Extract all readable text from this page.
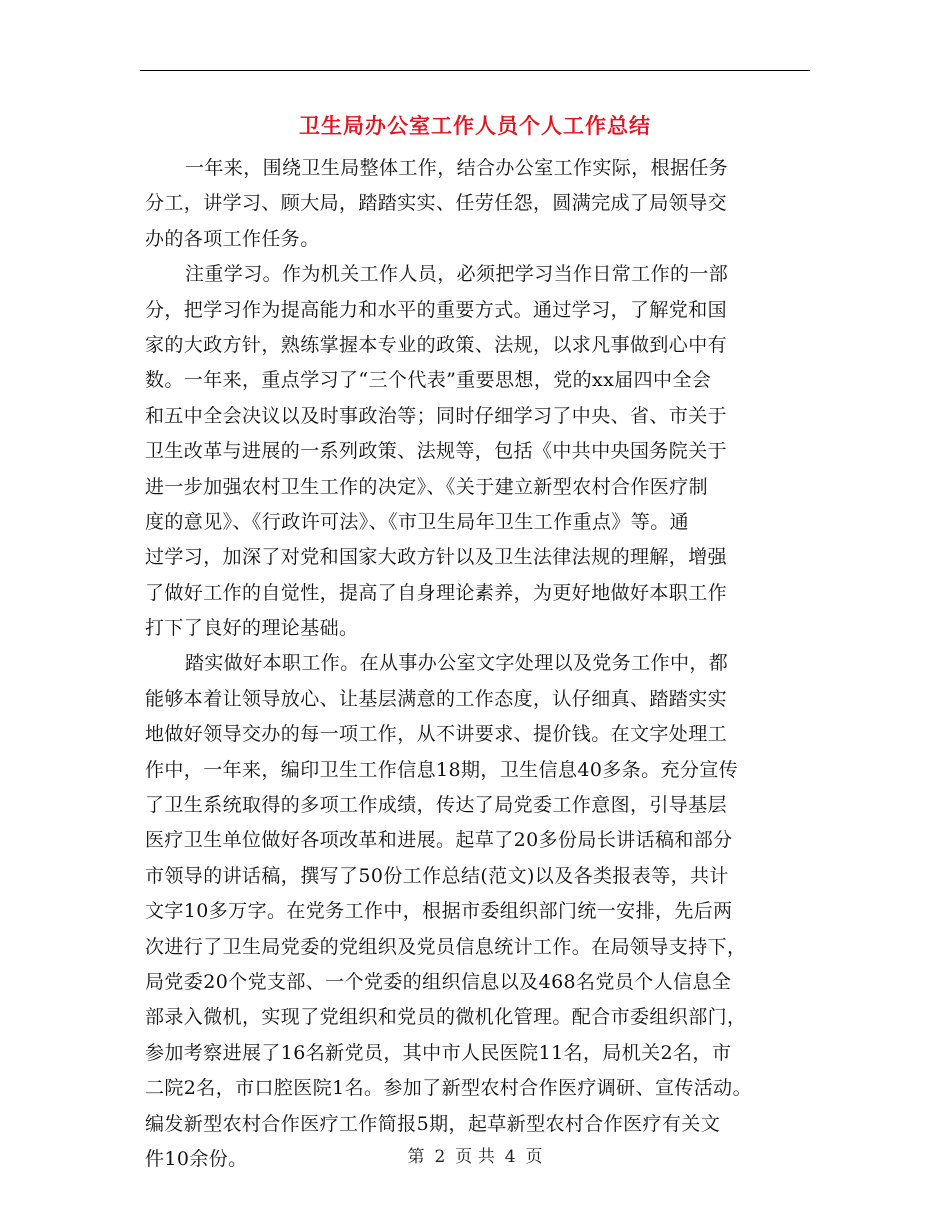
卫生局办公室工作人员个人工作总结
一年来，围绕卫生局整体工作，结合办公室工作实际，根据任务
分工，讲学习、顾大局，踏踏实实、任劳任怨，圆满完成了局领导交
办的各项工作任务。
注重学习。作为机关工作人员，必须把学习当作日常工作的一部
分，把学习作为提高能力和水平的重要方式。通过学习，了解党和国
家的大政方针，熟练掌握本专业的政策、法规，以求凡事做到心中有
数。一年来，重点学习了“三个代表”重要思想，党的xx届四中全会
和五中全会决议以及时事政治等；同时仔细学习了中央、省、市关于
卫生改革与进展的一系列政策、法规等，包括《中共中央国务院关于
进一步加强农村卫生工作的决定》、《关于建立新型农村合作医疗制
度的意见》、《行政许可法》、《市卫生局年卫生工作重点》等。通
过学习，加深了对党和国家大政方针以及卫生法律法规的理解，增强
了做好工作的自觉性，提高了自身理论素养，为更好地做好本职工作
打下了良好的理论基础。
踏实做好本职工作。在从事办公室文字处理以及党务工作中，都
能够本着让领导放心、让基层满意的工作态度，认仔细真、踏踏实实
地做好领导交办的每一项工作，从不讲要求、提价钱。在文字处理工
作中，一年来，编印卫生工作信息18期，卫生信息40多条。充分宣传
了卫生系统取得的多项工作成绩，传达了局党委工作意图，引导基层
医疗卫生单位做好各项改革和进展。起草了20多份局长讲话稿和部分
市领导的讲话稿，撰写了50份工作总结(范文)以及各类报表等，共计
文字10多万字。在党务工作中，根据市委组织部门统一安排，先后两
次进行了卫生局党委的党组织及党员信息统计工作。在局领导支持下，
局党委20个党支部、一个党委的组织信息以及468名党员个人信息全
部录入微机，实现了党组织和党员的微机化管理。配合市委组织部门，
参加考察进展了16名新党员，其中市人民医院11名，局机关2名，市
二院2名，市口腔医院1名。参加了新型农村合作医疗调研、宣传活动。
编发新型农村合作医疗工作简报5期，起草新型农村合作医疗有关文
件10余份。	第 2 页 共 4 页
